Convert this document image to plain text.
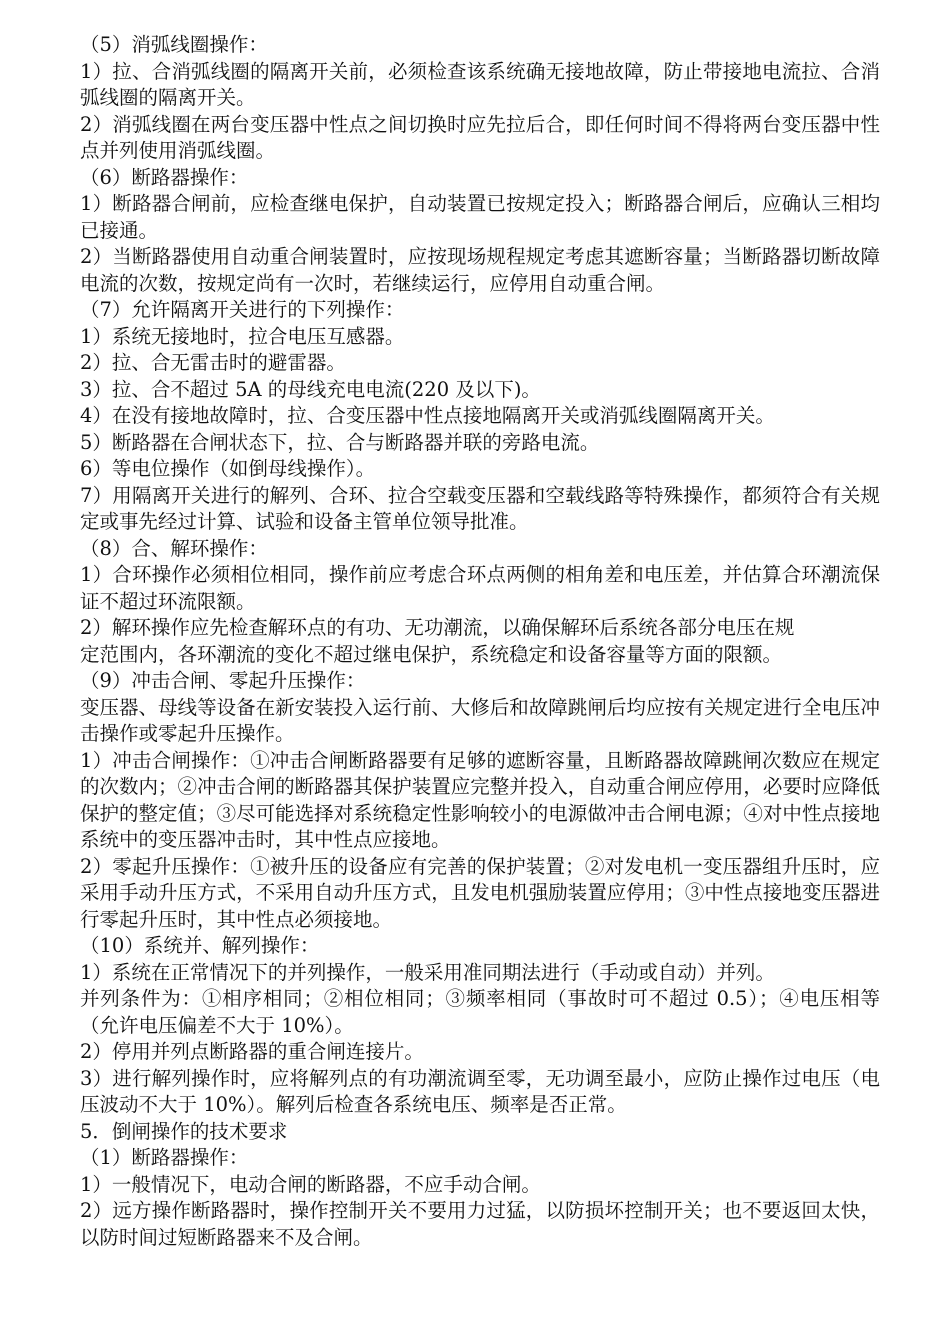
（5）消弧线圈操作：

1）拉、合消弧线圈的隔离开关前，必须检查该系统确无接地故障，防止带接地电流拉、合消弧线圈的隔离开关。

2）消弧线圈在两台变压器中性点之间切换时应先拉后合，即任何时间不得将两台变压器中性点并列使用消弧线圈。

（6）断路器操作：

1）断路器合闸前，应检查继电保护，自动装置已按规定投入；断路器合闸后，应确认三相均已接通。

2）当断路器使用自动重合闸装置时，应按现场规程规定考虑其遮断容量；当断路器切断故障电流的次数，按规定尚有一次时，若继续运行，应停用自动重合闸。

（7）允许隔离开关进行的下列操作：

1）系统无接地时，拉合电压互感器。

2）拉、合无雷击时的避雷器。

3）拉、合不超过 5A 的母线充电电流(220 及以下)。

4）在没有接地故障时，拉、合变压器中性点接地隔离开关或消弧线圈隔离开关。

5）断路器在合闸状态下，拉、合与断路器并联的旁路电流。

6）等电位操作（如倒母线操作）。

7）用隔离开关进行的解列、合环、拉合空载变压器和空载线路等特殊操作，都须符合有关规定或事先经过计算、试验和设备主管单位领导批准。

（8）合、解环操作：

1）合环操作必须相位相同，操作前应考虑合环点两侧的相角差和电压差，并估算合环潮流保证不超过环流限额。

2）解环操作应先检查解环点的有功、无功潮流，以确保解环后系统各部分电压在规

定范围内，各环潮流的变化不超过继电保护，系统稳定和设备容量等方面的限额。

（9）冲击合闸、零起升压操作：

变压器、母线等设备在新安装投入运行前、大修后和故障跳闸后均应按有关规定进行全电压冲击操作或零起升压操作。

1）冲击合闸操作：①冲击合闸断路器要有足够的遮断容量，且断路器故障跳闸次数应在规定的次数内；②冲击合闸的断路器其保护装置应完整并投入，自动重合闸应停用，必要时应降低保护的整定值；③尽可能选择对系统稳定性影响较小的电源做冲击合闸电源；④对中性点接地系统中的变压器冲击时，其中性点应接地。

2）零起升压操作：①被升压的设备应有完善的保护装置；②对发电机一变压器组升压时，应采用手动升压方式，不采用自动升压方式，且发电机强励装置应停用；③中性点接地变压器进行零起升压时，其中性点必须接地。

（10）系统并、解列操作：

1）系统在正常情况下的并列操作，一般采用准同期法进行（手动或自动）并列。

并列条件为：①相序相同；②相位相同；③频率相同（事故时可不超过 0.5）；④电压相等（允许电压偏差不大于 10%）。

2）停用并列点断路器的重合闸连接片。

3）进行解列操作时，应将解列点的有功潮流调至零，无功调至最小，应防止操作过电压（电压波动不大于 10%）。解列后检查各系统电压、频率是否正常。

5．倒闸操作的技术要求

（1）断路器操作：

1）一般情况下，电动合闸的断路器，不应手动合闸。

2）远方操作断路器时，操作控制开关不要用力过猛，以防损坏控制开关；也不要返回太快，以防时间过短断路器来不及合闸。
